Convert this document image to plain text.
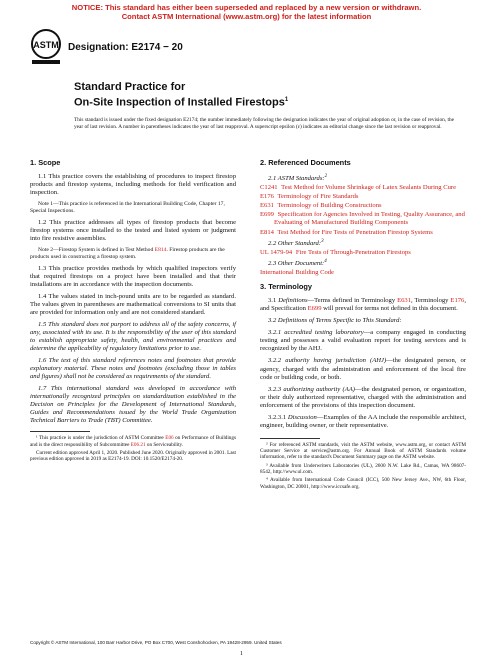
NOTICE: This standard has either been superseded and replaced by a new version or withdrawn.
Contact ASTM International (www.astm.org) for the latest information
ASTM Designation: E2174 − 20
Standard Practice for
On-Site Inspection of Installed Firestops$^1$
This standard is issued under the fixed designation E2174; the number immediately following the designation indicates the year of original adoption or, in the case of revision, the year of last revision. A number in parentheses indicates the year of last reapproval. A superscript epsilon (ε) indicates an editorial change since the last revision or reapproval.
1. Scope

1.1 This practice covers the establishing of procedures to inspect firestop products and firestop systems, including methods for field verification and inspection.

Note 1—This practice is referenced in the International Building Code, Chapter 17, Special Inspections.

1.2 This practice addresses all types of firestop products that become firestop systems once installed to the tested and listed system or judgment into fire resistive assemblies.

Note 2—Firestop System is defined in Test Method E814. Firestop products are the products used in constructing a firestop system.

1.3 This practice provides methods by which qualified inspectors verify that required firestops on a project have been installed and that their installations are in accordance with the inspection documents.

1.4 The values stated in inch-pound units are to be regarded as standard. The values given in parentheses are mathematical conversions to SI units that are provided for information only and are not considered standard.

1.5 This standard does not purport to address all of the safety concerns, if any, associated with its use. It is the responsibility of the user of this standard to establish appropriate safety, health, and environmental practices and determine the applicability of regulatory limitations prior to use.

1.6 The text of this standard references notes and footnotes that provide explanatory material. These notes and footnotes (excluding those in tables and figures) shall not be considered as requirements of the standard.

1.7 This international standard was developed in accordance with internationally recognized principles on standardization established in the Decision on Principles for the Development of International Standards, Guides and Recommendations issued by the World Trade Organization Technical Barriers to Trade (TBT) Committee.

¹ This practice is under the jurisdiction of ASTM Committee E06 on Performance of Buildings and is the direct responsibility of Subcommittee E06.21 on Serviceability.
Current edition approved April 1, 2020. Published June 2020. Originally approved in 2001. Last previous edition approved in 2019 as E2174-19. DOI: 10.1520/E2174-20.
2. Referenced Documents

2.1 ASTM Standards:$^2$

C1241 Test Method for Volume Shrinkage of Latex Sealants During Cure
E176 Terminology of Fire Standards
E631 Terminology of Building Constructions
E699 Specification for Agencies Involved in Testing, Quality Assurance, and Evaluating of Manufactured Building Components
E814 Test Method for Fire Tests of Penetration Firestop Systems

2.2 Other Standard:$^3$

UL 1479-94 Fire Tests of Through-Penetration Firestops

2.3 Other Document:$^4$

International Building Code
3. Terminology

3.1 Definitions—Terms defined in Terminology E631, Terminology E176, and Specification E699 will prevail for terms not defined in this document.

3.2 Definitions of Terms Specific to This Standard:

3.2.1 accredited testing laboratory—a company engaged in conducting testing and possesses a valid evaluation report for testing services and is recognized by the AHJ.

3.2.2 authority having jurisdiction (AHJ)—the designated person, or agency, charged with the administration and enforcement of the local fire code or building code, or both.

3.2.3 authorizing authority (AA)—the designated person, or organization, or their duly authorized representative, charged with the administration and enforcement of the provisions of this inspection document.

3.2.3.1 Discussion—Examples of the AA include the responsible architect, engineer, building owner, or their representative.

² For referenced ASTM standards, visit the ASTM website, www.astm.org, or contact ASTM Customer Service at service@astm.org. For Annual Book of ASTM Standards volume information, refer to the standard's Document Summary page on the ASTM website.
³ Available from Underwriters Laboratories (UL), 2600 N.W. Lake Rd., Camas, WA 98607-8542, http://www.ul.com.
⁴ Available from International Code Council (ICC), 500 New Jersey Ave., NW, 6th Floor, Washington, DC 20001, http://www.iccsafe.org.
Copyright © ASTM International, 100 Barr Harbor Drive, PO Box C700, West Conshohocken, PA 19428-2959. United States
1
